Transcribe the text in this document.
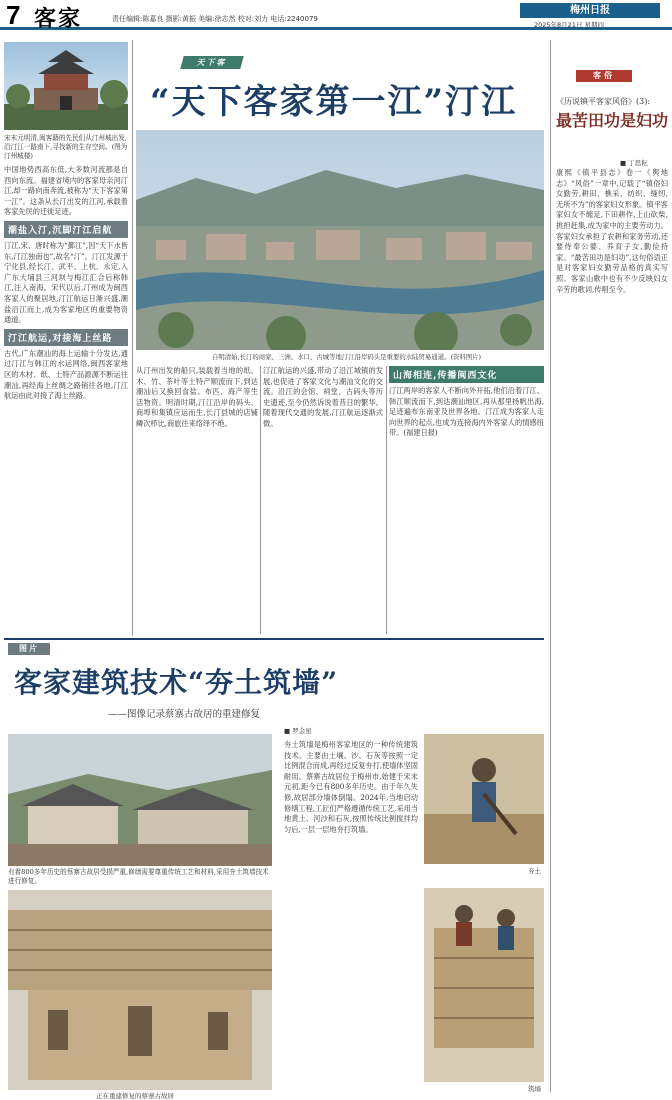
7 客家	责任编辑:陈嘉良 摄影:黄振 美编:徐志然 校对:刘力 电话:2240079
梅州日报
2025年8月21日 星期四

宋末元明清,闽客籍的先民们从汀州城出发,沿汀江一路南下,寻找新的生存空间。(图为汀州城楼)

中国地势西高东低,大多数河流都是自西向东流。福建省境内的客家母亲河汀江,却一路向南奔流,被称为“天下客家第一江”。这条从长汀出发的江河,承载着客家先民的迁徙足迹。

潮盐入汀,沉脚汀江启航

汀江,宋、唐时称为“鄞江”,因“天下水皆东,汀江独南也”,故名“汀”。汀江发源于宁化县,经长汀、武平、上杭、永定,入广东大埔县三河坝与梅江汇合后称韩江,注入南海。宋代以后,汀州成为闽西客家人的聚居地,汀江航运日渐兴盛,潮盐沿江而上,成为客家地区的重要物资通道。

汀江航运,对接海上丝路

古代,广东潮汕的海上运输十分发达,通过汀江与韩江的水运网络,闽西客家地区的木材、纸、土特产品源源不断运往潮汕,再经海上丝绸之路销往各地,汀江航运由此对接了海上丝路。

天下客
“天下客家第一江”汀江
自明清始,长汀的商家、三洲、水口、古城等地汀江沿岸码头是重要的水陆贸易通道。(资料图片)

从汀州出发的船只,装载着当地的纸、木、竹、茶叶等土特产顺流而下,到达潮汕后又换回食盐、布匹、海产等生活物资。明清时期,汀江沿岸的码头、商埠和集镇应运而生,长汀县城的店铺鳞次栉比,商旅往来络绎不绝。

汀江航运的兴盛,带动了沿江城镇的发展,也促进了客家文化与潮汕文化的交流。沿江的会馆、祠堂、古码头等历史遗迹,至今仍然诉说着昔日的繁华。随着现代交通的发展,汀江航运逐渐式微。

山海相连,传播闽西文化

汀江两岸的客家人不断向外开拓,他们沿着汀江、韩江顺流而下,到达潮汕地区,再从那里扬帆出海,足迹遍布东南亚及世界各地。汀江成为客家人走向世界的起点,也成为连接海内外客家人的情感纽带。(福建日报)

客俗
《历说镇平客家风俗》(3):
最苦田功是妇功
■ 丁思耘

康熙《镇平县志》卷一《舆地志》“风俗”一章中,记载了“镇俗妇女勤劳,耕田、樵采、纺织、缝纫,无所不为”的客家妇女形象。镇平客家妇女不缠足,下田耕作,上山砍柴,挑担赶集,成为家中的主要劳动力。客家妇女承担了农耕和家务劳动,还要侍奉公婆、养育子女,勤俭持家。“最苦田功是妇功”,这句俗语正是对客家妇女勤劳品格的真实写照。客家山歌中也有不少反映妇女辛劳的歌词,传唱至今。

图片
客家建筑技术“夯土筑墙”
——图像记录蔡寨古故居的重建修复
■ 罗金星

有着800多年历史的蔡寨古故居受损严重,修缮需要尊重传统工艺和材料,采用夯土筑墙技术进行修复。

正在重建修复的蔡寨古故居

夯土筑墙是梅州客家地区的一种传统建筑技术。主要由土壤、沙、石灰等按照一定比例混合而成,再经过反复夯打,使墙体坚固耐用。蔡寨古故居位于梅州市,始建于宋末元初,距今已有800多年历史。由于年久失修,故居部分墙体倒塌。2024年,当地启动修缮工程,工匠们严格遵循传统工艺,采用当地黄土、河沙和石灰,按照传统比例搅拌均匀后,一层一层地夯打筑墙。

夯土
筑墙
